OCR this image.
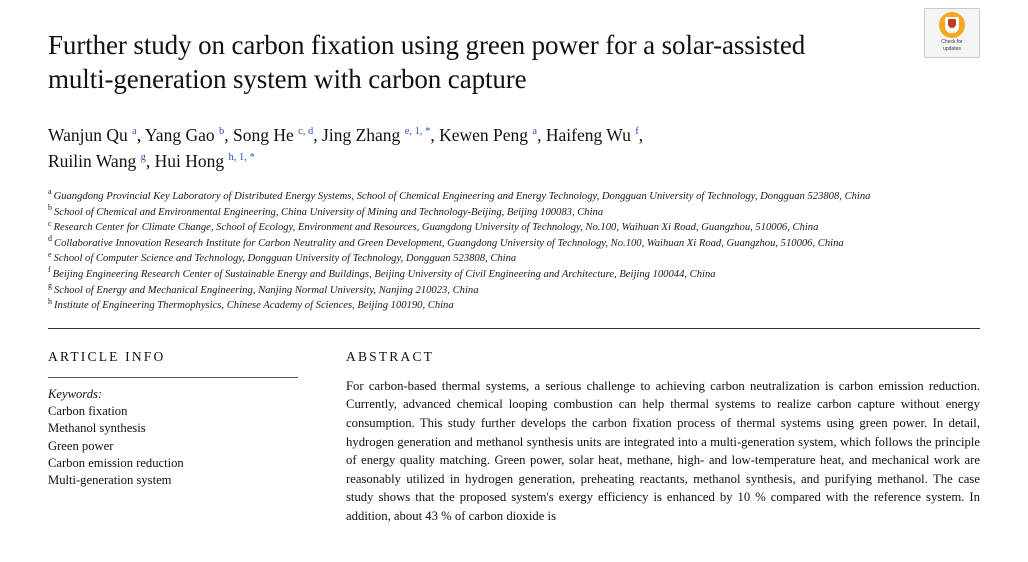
Check for
updates
Further study on carbon fixation using green power for a solar-assisted multi-generation system with carbon capture
Wanjun Qu $^a$, Yang Gao $^b$, Song He $^{c, d}$, Jing Zhang $^{e, 1, *}$, Kewen Peng $^a$, Haifeng Wu $^f$,
Ruilin Wang $^g$, Hui Hong $^{h, 1, *}$
$^a$ Guangdong Provincial Key Laboratory of Distributed Energy Systems, School of Chemical Engineering and Energy Technology, Dongguan University of Technology, Dongguan 523808, China
$^b$ School of Chemical and Environmental Engineering, China University of Mining and Technology-Beijing, Beijing 100083, China
$^c$ Research Center for Climate Change, School of Ecology, Environment and Resources, Guangdong University of Technology, No.100, Waihuan Xi Road, Guangzhou, 510006, China
$^d$ Collaborative Innovation Research Institute for Carbon Neutrality and Green Development, Guangdong University of Technology, No.100, Waihuan Xi Road, Guangzhou, 510006, China
$^e$ School of Computer Science and Technology, Dongguan University of Technology, Dongguan 523808, China
$^f$ Beijing Engineering Research Center of Sustainable Energy and Buildings, Beijing University of Civil Engineering and Architecture, Beijing 100044, China
$^g$ School of Energy and Mechanical Engineering, Nanjing Normal University, Nanjing 210023, China
$^h$ Institute of Engineering Thermophysics, Chinese Academy of Sciences, Beijing 100190, China
ARTICLE INFO
Keywords:
Carbon fixation
Methanol synthesis
Green power
Carbon emission reduction
Multi-generation system
ABSTRACT
For carbon-based thermal systems, a serious challenge to achieving carbon neutralization is carbon emission reduction. Currently, advanced chemical looping combustion can help thermal systems to realize carbon capture without energy consumption. This study further develops the carbon fixation process of thermal systems using green power. In detail, hydrogen generation and methanol synthesis units are integrated into a multi-generation system, which follows the principle of energy quality matching. Green power, solar heat, methane, high- and low-temperature heat, and mechanical work are reasonably utilized in hydrogen generation, preheating reactants, methanol synthesis, and purifying methanol. The case study shows that the proposed system's exergy efficiency is enhanced by 10 % compared with the reference system. In addition, about 43 % of carbon dioxide is
